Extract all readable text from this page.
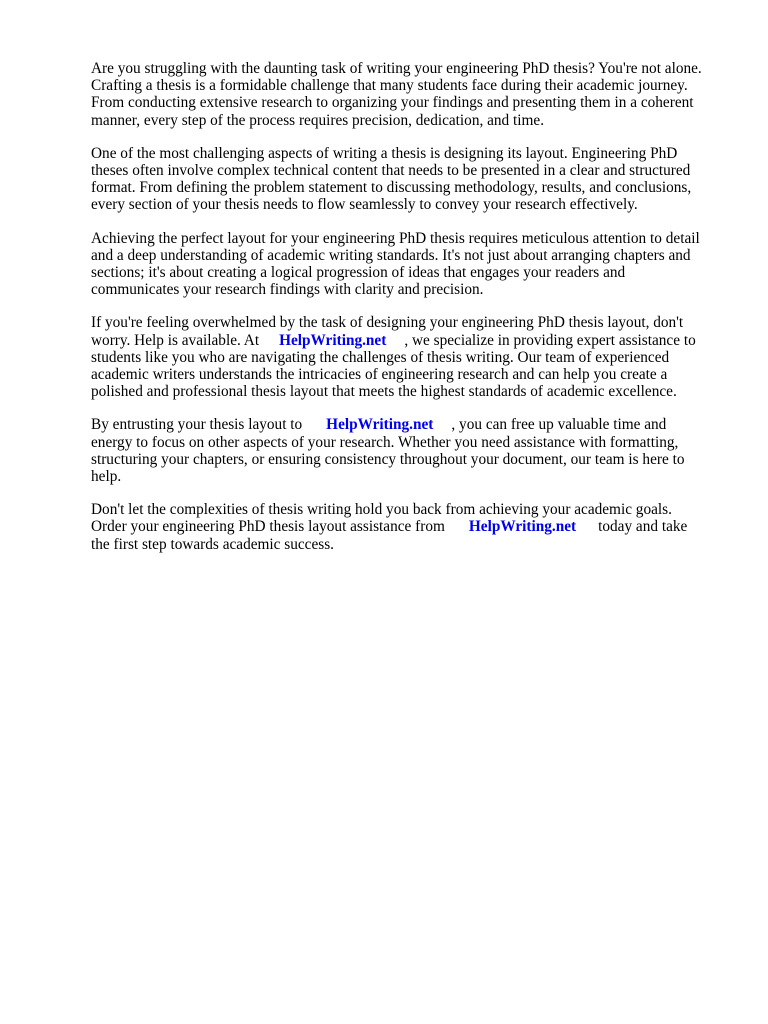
Are you struggling with the daunting task of writing your engineering PhD thesis? You're not alone.
Crafting a thesis is a formidable challenge that many students face during their academic journey.
From conducting extensive research to organizing your findings and presenting them in a coherent
manner, every step of the process requires precision, dedication, and time.

One of the most challenging aspects of writing a thesis is designing its layout. Engineering PhD
theses often involve complex technical content that needs to be presented in a clear and structured
format. From defining the problem statement to discussing methodology, results, and conclusions,
every section of your thesis needs to flow seamlessly to convey your research effectively.

Achieving the perfect layout for your engineering PhD thesis requires meticulous attention to detail
and a deep understanding of academic writing standards. It's not just about arranging chapters and
sections; it's about creating a logical progression of ideas that engages your readers and
communicates your research findings with clarity and precision.

If you're feeling overwhelmed by the task of designing your engineering PhD thesis layout, don't
worry. Help is available. At HelpWriting.net , we specialize in providing expert assistance to
students like you who are navigating the challenges of thesis writing. Our team of experienced
academic writers understands the intricacies of engineering research and can help you create a
polished and professional thesis layout that meets the highest standards of academic excellence.

By entrusting your thesis layout to HelpWriting.net , you can free up valuable time and
energy to focus on other aspects of your research. Whether you need assistance with formatting,
structuring your chapters, or ensuring consistency throughout your document, our team is here to
help.

Don't let the complexities of thesis writing hold you back from achieving your academic goals.
Order your engineering PhD thesis layout assistance from HelpWriting.net today and take
the first step towards academic success.
